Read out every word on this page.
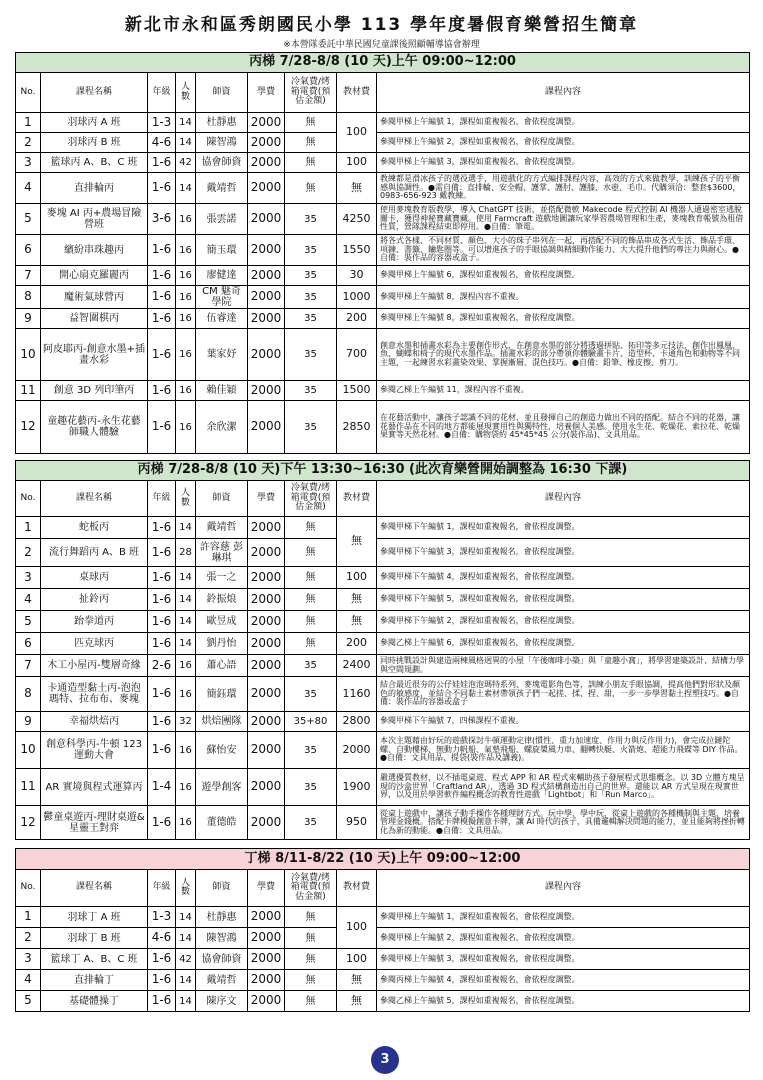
新北市永和區秀朗國民小學 113 學年度暑假育樂營招生簡章
※本營隊委託中華民國兒童課後照顧輔導協會辦理
丙梯 7/28-8/8 (10 天)上午 09:00~12:00								
No.	課程名稱	年級	人數	師資	學費	冷氣費/烤箱電費(預估金額)	教材費	課程內容
1	羽球丙 A 班	1-3	14	杜靜惠	2000	無	100	參閱甲梯上午編號 1，課程如重複報名，會依程度調整。
2	羽球丙 B 班	4-6	14	陳智鴻	2000	無		參閱甲梯上午編號 2，課程如重複報名，會依程度調整。
3	籃球丙 A、B、C 班	1-6	42	協會師資	2000	無	100	參閱甲梯上午編號 3，課程如重複報名，會依程度調整。
4	直排輪丙	1-6	14	戴靖哲	2000	無	無	教練都是滑冰孩子的選役選手，用遊戲化的方式編排課程內容，高效的方式來做教學，訓練孩子的平衡感與協調性。●需自備：直排輪、安全帽、護掌、護肘、護膝、水壺、毛巾。代購須洽：整套$3600，0983-656-923 戴教練。
5	麥塊 AI 丙+農場冒險營班	3-6	16	張雲諾	2000	35	4250	使用麥塊教育版教學，導入 ChatGPT 技術，並搭配微軟 Makecode 程式控制 AI 機器人通過密室逃脫關卡，獲得神秘寶藏寶藏。使用 Farmcraft 遊戲地圖讓玩家學習農場管理和生產，麥塊教育帳號為租借性質，營隊課程結束即停用。●自備：筆電。
6	繽紛串珠趣丙	1-6	16	簡玉環	2000	35	1550	將各式各樣、不同材質、顏色、大小的珠子串列在一起，再搭配不同的飾品串成各式生活、飾品手環、項鍊、書籤、鑰匙圈等。可以增進孩子的手眼協調與精細動作能力、大大提升他們的專注力與耐心。●自備：裝作品的容器或盒子。
7	開心扇克羅麗丙	1-6	16	廖健達	2000	35	30	參閱甲梯上午編號 6，課程如重複報名，會依程度調整。
8	魔術氣球營丙	1-6	16	CM 魅奇學院	2000	35	1000	參閱甲梯上午編號 8，課程內容不重複。
9	益智圍棋丙	1-6	16	伍睿達	2000	35	200	參閱甲梯上午編號 8，課程如重複報名，會依程度調整。
10	阿皮耶丙-創意水墨+插畫水彩	1-6	16	葉家妤	2000	35	700	創意水墨和插畫水彩為主要創作形式，在創意水墨的部分將透過拼貼、拓印等多元技法，創作出鳳凰、魚、蝴蝶和椅子的現代水墨作品。插畫水彩的部分帶領你體驗畫卡片、造型杯、卡通角色和動物等不同主題，一起練習水彩畫染效果、掌握漸層、混色技巧。●自備：鉛筆、橡皮擦、剪刀。
11	創意 3D 列印筆丙	1-6	16	賴佳穎	2000	35	1500	參閱乙梯上午編號 11，課程內容不重複。
12	童趣花藝丙-永生花藝師職人體驗	1-6	16	余欣潔	2000	35	2850	在花藝活動中，讓孩子認識不同的花材，並且發揮自己的創造力做出不同的搭配。結合不同的花器，讓花藝作品在不同的地方都能展現實用性與獨特性，培養個人美感。使用永生花、乾燥花、索拉花、乾燥果實等天然花材。●自備：購物袋約 45*45*45 公分(裝作品)、文具用品。
丙梯 7/28-8/8 (10 天)下午 13:30~16:30 (此次育樂營開始調整為 16:30 下課)								
No.	課程名稱	年級	人數	師資	學費	冷氣費/烤箱電費(預估金額)	教材費	課程內容
1	蛇板丙	1-6	14	戴靖哲	2000	無	無	參閱甲梯下午編號 1，課程如重複報名，會依程度調整。
2	流行舞蹈丙 A、B 班	1-6	28	許容慈 彭琳琪	2000	無		參閱甲梯下午編號 3，課程如重複報名，會依程度調整。
3	桌球丙	1-6	14	張一之	2000	無	100	參閱甲梯下午編號 4，課程如重複報名，會依程度調整。
4	扯鈴丙	1-6	14	鈴振烺	2000	無	無	參閱甲梯下午編號 5，課程如重複報名，會依程度調整。
5	跆拳道丙	1-6	14	歐昱成	2000	無	無	參閱甲梯下午編號 2，課程如重複報名，會依程度調整。
6	匹克球丙	1-6	14	劉丹怡	2000	無	200	參閱乙梯上午編號 6，課程如重複報名，會依程度調整。
7	木工小屋丙-雙層奇緣	2-6	16	蕭心語	2000	35	2400	同時挑戰設計與建造兩棟風格迥異的小屋「午後咖啡小築」與「童趣小窩」，將學習建築設計、結構力學與空間規劃。
8	卡通造型黏土丙-泡泡瑪特、拉布布、麥塊	1-6	16	簡鈺環	2000	35	1160	結合最近很夯的公仔娃娃泡泡瑪特系列、麥塊電影角色等，訓練小朋友手眼協調，提高他們對形狀及顏色的敏感度，並結合不同黏土素材帶領孩子們一起搓、揉、捏、甜，一步一步學習黏土捏塑技巧。●自備：裝作品的容器或盒子
9	幸福烘焙丙	1-6	32	烘焙團隊	2000	35+80	2800	參閱甲梯下午編號 7，四梯課程不重複。
10	創意科學丙-牛頓 123 運動大會	1-6	16	蘇怡安	2000	35	2000	本次主題藉由好玩的遊戲探討牛頓運動定律(慣性、重力加速度、作用力與反作用力)，會完成拉鏈陀螺、自動樓梯、無動力帆船、氣墊飛船、螺旋槳風力車、翻轉快艇、火箭炮、超能力飛碟等 DIY 作品。●自備：文具用品、提袋(裝作品及講義)。
11	AR 實境與程式運算丙	1-4	16	遊學創客	2000	35	1900	嚴選優質教材，以不插電桌遊、程式 APP 和 AR 程式來輔助孩子發展程式思維概念。以 3D 立體方塊呈現的沙盒世界「Craftland AR」，透過 3D 程式結構創造出自己的世界。還能以 AR 方式呈現在現實世界，以及用於學習軟件編程概念的教育性遊戲「Lightbot」和「Run Marco」。
12	鬱童桌遊丙-理財桌遊&星靈王對弈	1-6	16	董德皓	2000	35	950	從桌上遊戲中，讓孩子動手操作各種理財方式。玩中學、學中玩，從桌上遊戲的各種機制與主題，培養管理金錢概。搭配卡牌模擬創意卡牌，讓 AI 時代的孩子，具備邏輯解決問題的能力，並且能夠將挫折轉化為新的動能。●自備：文具用品。
丁梯 8/11-8/22 (10 天)上午 09:00~12:00								
No.	課程名稱	年級	人數	師資	學費	冷氣費/烤箱電費(預估金額)	教材費	課程內容
1	羽球丁 A 班	1-3	14	杜靜惠	2000	無	100	參閱甲梯上午編號 1，課程如重複報名，會依程度調整。
2	羽球丁 B 班	4-6	14	陳智鴻	2000	無		參閱甲梯上午編號 2，課程如重複報名，會依程度調整。
3	籃球丁 A、B、C 班	1-6	42	協會師資	2000	無	100	參閱甲梯上午編號 3，課程如重複報名，會依程度調整。
4	直排輪丁	1-6	14	戴靖哲	2000	無	無	參閱丙梯上午編號 4，課程如重複報名，會依程度調整。
5	基礎體操丁	1-6	14	陳序文	2000	無	無	參閱乙梯上午編號 5，課程如重複報名，會依程度調整。
3
